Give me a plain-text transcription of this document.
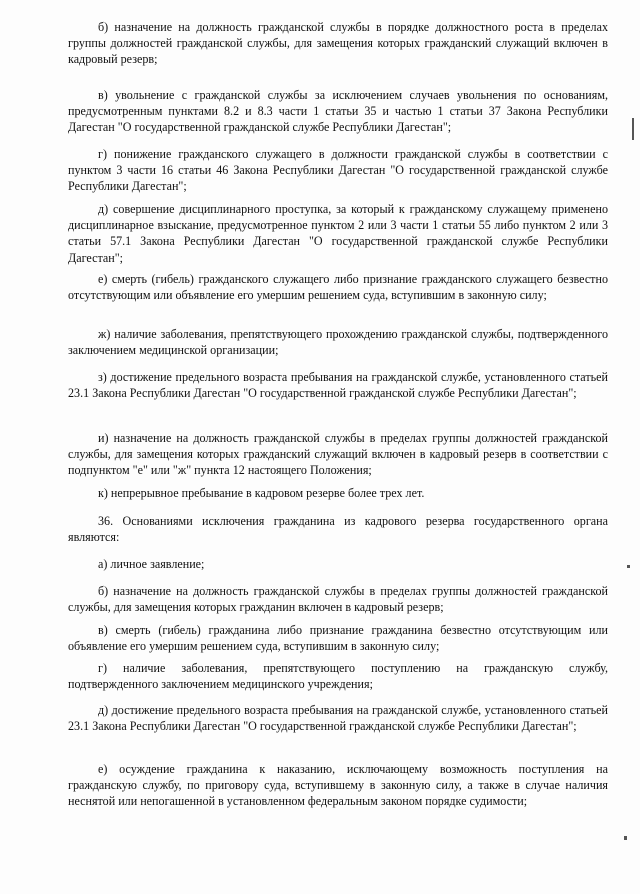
б) назначение на должность гражданской службы в порядке должностного роста в пределах группы должностей гражданской службы, для замещения которых гражданский служащий включен в кадровый резерв;

в) увольнение с гражданской службы за исключением случаев увольнения по основаниям, предусмотренным пунктами 8.2 и 8.3 части 1 статьи 35 и частью 1 статьи 37 Закона Республики Дагестан "О государственной гражданской службе Республики Дагестан";

г) понижение гражданского служащего в должности гражданской службы в соответствии с пунктом 3 части 16 статьи 46 Закона Республики Дагестан "О государственной гражданской службе Республики Дагестан";

д) совершение дисциплинарного проступка, за который к гражданскому служащему применено дисциплинарное взыскание, предусмотренное пунктом 2 или 3 части 1 статьи 55 либо пунктом 2 или 3 статьи 57.1 Закона Республики Дагестан "О государственной гражданской службе Республики Дагестан";

е) смерть (гибель) гражданского служащего либо признание гражданского служащего безвестно отсутствующим или объявление его умершим решением суда, вступившим в законную силу;

ж) наличие заболевания, препятствующего прохождению гражданской службы, подтвержденного заключением медицинской организации;

з) достижение предельного возраста пребывания на гражданской службе, установленного статьей 23.1 Закона Республики Дагестан "О государственной гражданской службе Республики Дагестан";

и) назначение на должность гражданской службы в пределах группы должностей гражданской службы, для замещения которых гражданский служащий включен в кадровый резерв в соответствии с подпунктом "е" или "ж" пункта 12 настоящего Положения;

к) непрерывное пребывание в кадровом резерве более трех лет.

36. Основаниями исключения гражданина из кадрового резерва государственного органа являются:

а) личное заявление;

б) назначение на должность гражданской службы в пределах группы должностей гражданской службы, для замещения которых гражданин включен в кадровый резерв;

в) смерть (гибель) гражданина либо признание гражданина безвестно отсутствующим или объявление его умершим решением суда, вступившим в законную силу;

г) наличие заболевания, препятствующего поступлению на гражданскую службу, подтвержденного заключением медицинского учреждения;

д) достижение предельного возраста пребывания на гражданской службе, установленного статьей 23.1 Закона Республики Дагестан "О государственной гражданской службе Республики Дагестан";

е) осуждение гражданина к наказанию, исключающему возможность поступления на гражданскую службу, по приговору суда, вступившему в законную силу, а также в случае наличия неснятой или непогашенной в установленном федеральным законом порядке судимости;
